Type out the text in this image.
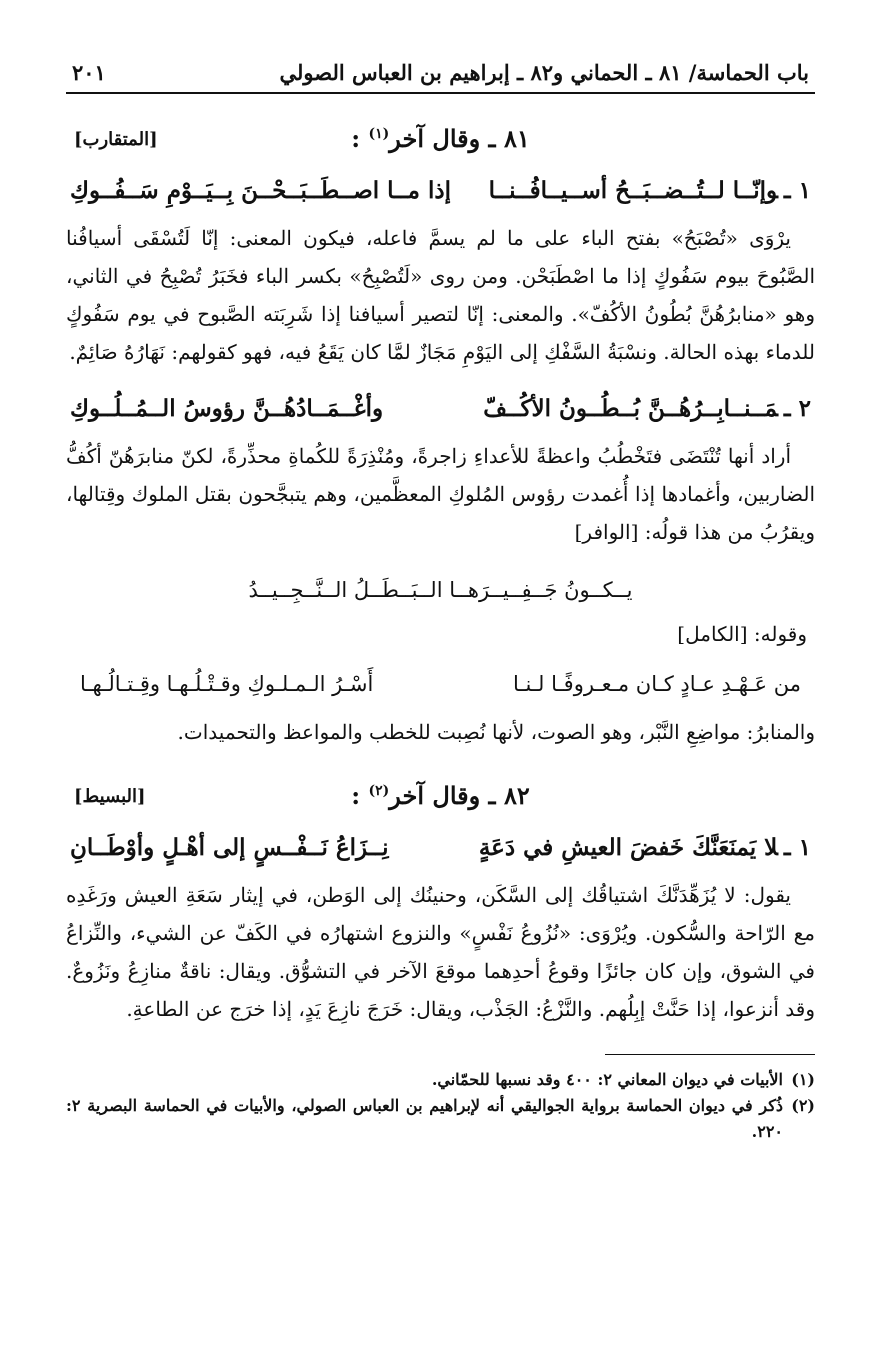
باب الحماسة/ ٨١ ـ الحماني و٨٢ ـ إبراهيم بن العباس الصولي
٢٠١
٨١ ـ وقال آخر$^{(١)}$ :
[المتقارب]
١ ـوإنّــا لــتُــضــبَــحُ أســيــافُــنــا
إذا مــا اصــطَــبَــحْــنَ بِــيَــوْمِ سَــفُــوكِ

يرْوَى «تُصْبَحُ» بفتح الباء على ما لم يسمَّ فاعله، فيكون المعنى: إنّا لَتُسْقَى أسيافُنا الصَّبُوحَ بيوم سَفُوكٍ إذا ما اصْطَبَحْن. ومن روى «لَتُصْبِحُ» بكسر الباء فخَبَرُ تُصْبِحُ في الثاني، وهو «منابرُهُنَّ بُطُونُ الأكُفّ». والمعنى: إنّا لتصير أسيافنا إذا شَرِبَته الصَّبوح في يوم سَفُوكٍ للدماء بهذه الحالة. ونسْبَةُ السَّفْكِ إلى اليَوْمِ مَجَازٌ لمَّا كان يَقَعُ فيه، فهو كقولهم: نَهَارُهُ صَائِمٌ.

٢ ـمَــنــابِــرُهُــنَّ بُــطُــونُ الأكُــفّ
وأغْــمَــادُهُــنَّ رؤوسُ الــمُــلُــوكِ

أراد أنها تُنْتَضَى فتَخْطُبُ واعظةً للأعداءِ زاجرةً، ومُنْذِرَةً للكُماةِ محذِّرةً، لكنّ منابرَهُنّ أكُفُّ الضاربين، وأغمادها إذا أُغمدت رؤوس المُلوكِ المعظَّمين، وهم يتبجَّحون بقتل الملوك وقِتالها، ويقرُبُ من هذا قولُه: [الوافر]

يــكــونُ جَــفِــيــرَهــا الــبَــطَــلُ الــنَّــجِــيــدُ
وقوله: [الكامل]
من عَـهْـدِ عـادٍ كـان مـعـروفًـا لـنـا
أَسْـرُ الـمـلـوكِ وقـتْـلُـهـا وقِـتـالُـهـا

والمنابرُ: مواضِعِ النَّبْر، وهو الصوت، لأنها نُصِبت للخطب والمواعظ والتحميدات.

٨٢ ـ وقال آخر$^{(٢)}$ :
[البسيط]
١ ـلا يَمنَعَنَّكَ خَفضَ العيشِ في دَعَةٍ
نِــزَاعُ نَــفْــسٍ إلى أهْـلٍ وأوْطَــانِ

يقول: لا يُزَهِّدَنَّكَ اشتياقُك إلى السَّكَن، وحنينُك إلى الوَطن، في إيثار سَعَةِ العيش ورَغَدِه مع الرّاحة والسُّكون. ويُرْوَى: «نُزُوعُ نَفْسٍ» والنزوع اشتهارُه في الكَفّ عن الشيء، والنِّزاعُ في الشوق، وإن كان جائزًا وقوعُ أحدِهما موقعَ الآخر في التشوُّق. ويقال: ناقةٌ منازِعُ ونَزُوعٌ. وقد أنزعوا، إذا حَنَّتْ إبِلُهم. والنَّزْعُ: الجَذْب، ويقال: خَرَجَ نازِعَ يَدٍ، إذا خرَج عن الطاعةِ.

(١)
الأبيات في ديوان المعاني ٢: ٤٠٠ وقد نسبها للحمّاني.
(٢)
ذُكر في ديوان الحماسة برواية الجواليقي أنه لإبراهيم بن العباس الصولي، والأبيات في الحماسة البصرية ٢: ٢٢٠.
